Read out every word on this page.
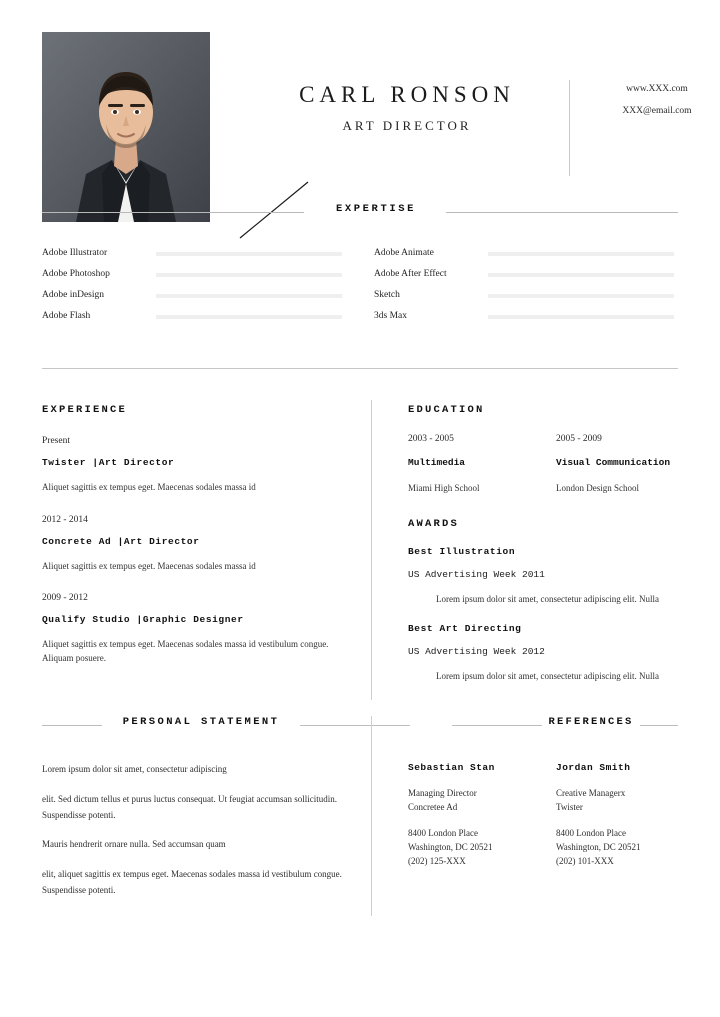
CARL RONSON
ART DIRECTOR
www.XXX.com
XXX@email.com
EXPERTISE
Adobe Illustrator
Adobe Photoshop
Adobe inDesign
Adobe Flash
Adobe Animate
Adobe After Effect
Sketch
3ds Max
EXPERIENCE
Present
Twister |Art Director
Aliquet sagittis ex tempus eget. Maecenas sodales massa id
2012 - 2014
Concrete Ad |Art Director
Aliquet sagittis ex tempus eget. Maecenas sodales massa id
2009 - 2012
Qualify Studio |Graphic Designer
Aliquet sagittis ex tempus eget. Maecenas sodales massa id vestibulum congue. Aliquam posuere.
EDUCATION
2003 - 2005
Multimedia
Miami High School
2005 - 2009
Visual Communication
London Design School
AWARDS
Best Illustration
US Advertising Week 2011
Lorem ipsum dolor sit amet, consectetur adipiscing elit. Nulla
Best Art Directing
US Advertising Week 2012
Lorem ipsum dolor sit amet, consectetur adipiscing elit. Nulla
PERSONAL STATEMENT	REFERENCES

Lorem ipsum dolor sit amet, consectetur adipiscing

elit. Sed dictum tellus et purus luctus consequat. Ut feugiat accumsan sollicitudin. Suspendisse potenti.

Mauris hendrerit ornare nulla. Sed accumsan quam

elit, aliquet sagittis ex tempus eget. Maecenas sodales massa id vestibulum congue. Suspendisse potenti.

Sebastian Stan
Managing Director
Concretee Ad
8400 London Place
Washington, DC 20521
(202) 125-XXX
Jordan Smith
Creative Managerx
Twister
8400 London Place
Washington, DC 20521
(202) 101-XXX
